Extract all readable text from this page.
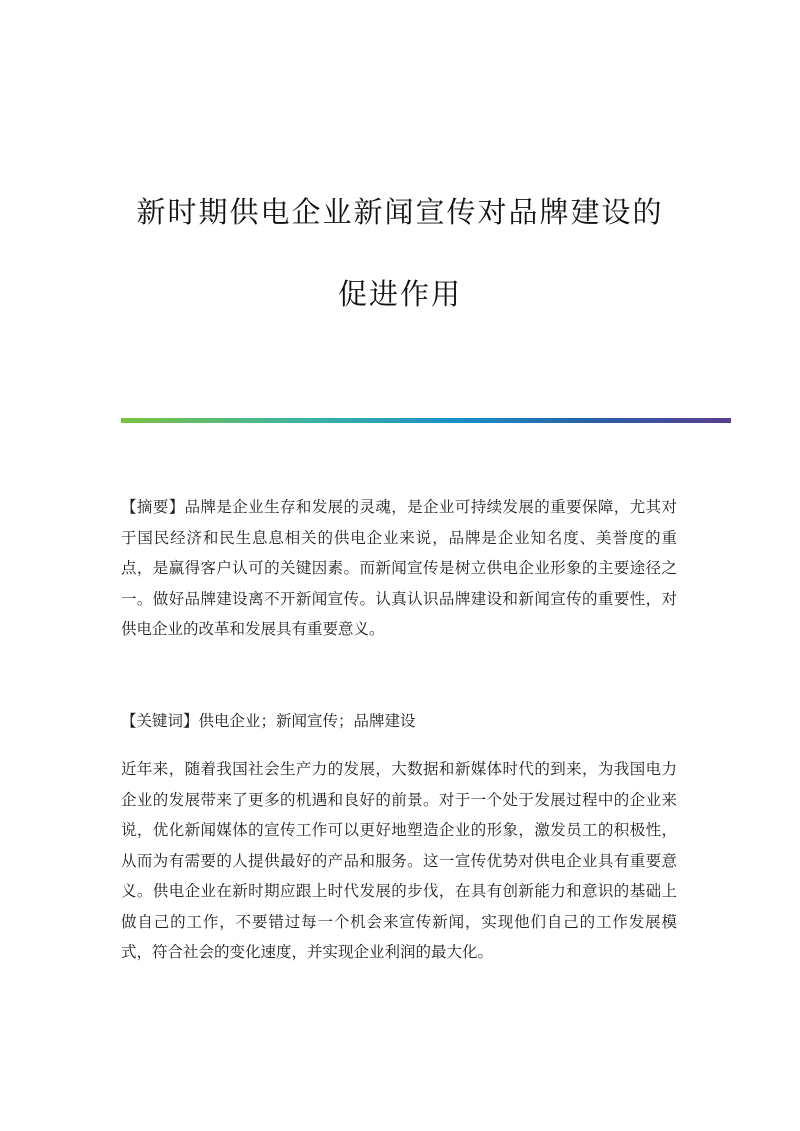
新时期供电企业新闻宣传对品牌建设的
促进作用
【摘要】品牌是企业生存和发展的灵魂，是企业可持续发展的重要保障，尤其对于国民经济和民生息息相关的供电企业来说，品牌是企业知名度、美誉度的重点，是赢得客户认可的关键因素。而新闻宣传是树立供电企业形象的主要途径之一。做好品牌建设离不开新闻宣传。认真认识品牌建设和新闻宣传的重要性，对供电企业的改革和发展具有重要意义。
【关键词】供电企业；新闻宣传；品牌建设
近年来，随着我国社会生产力的发展，大数据和新媒体时代的到来，为我国电力企业的发展带来了更多的机遇和良好的前景。对于一个处于发展过程中的企业来说，优化新闻媒体的宣传工作可以更好地塑造企业的形象，激发员工的积极性，从而为有需要的人提供最好的产品和服务。这一宣传优势对供电企业具有重要意义。供电企业在新时期应跟上时代发展的步伐，在具有创新能力和意识的基础上做自己的工作，不要错过每一个机会来宣传新闻，实现他们自己的工作发展模式，符合社会的变化速度，并实现企业利润的最大化。
